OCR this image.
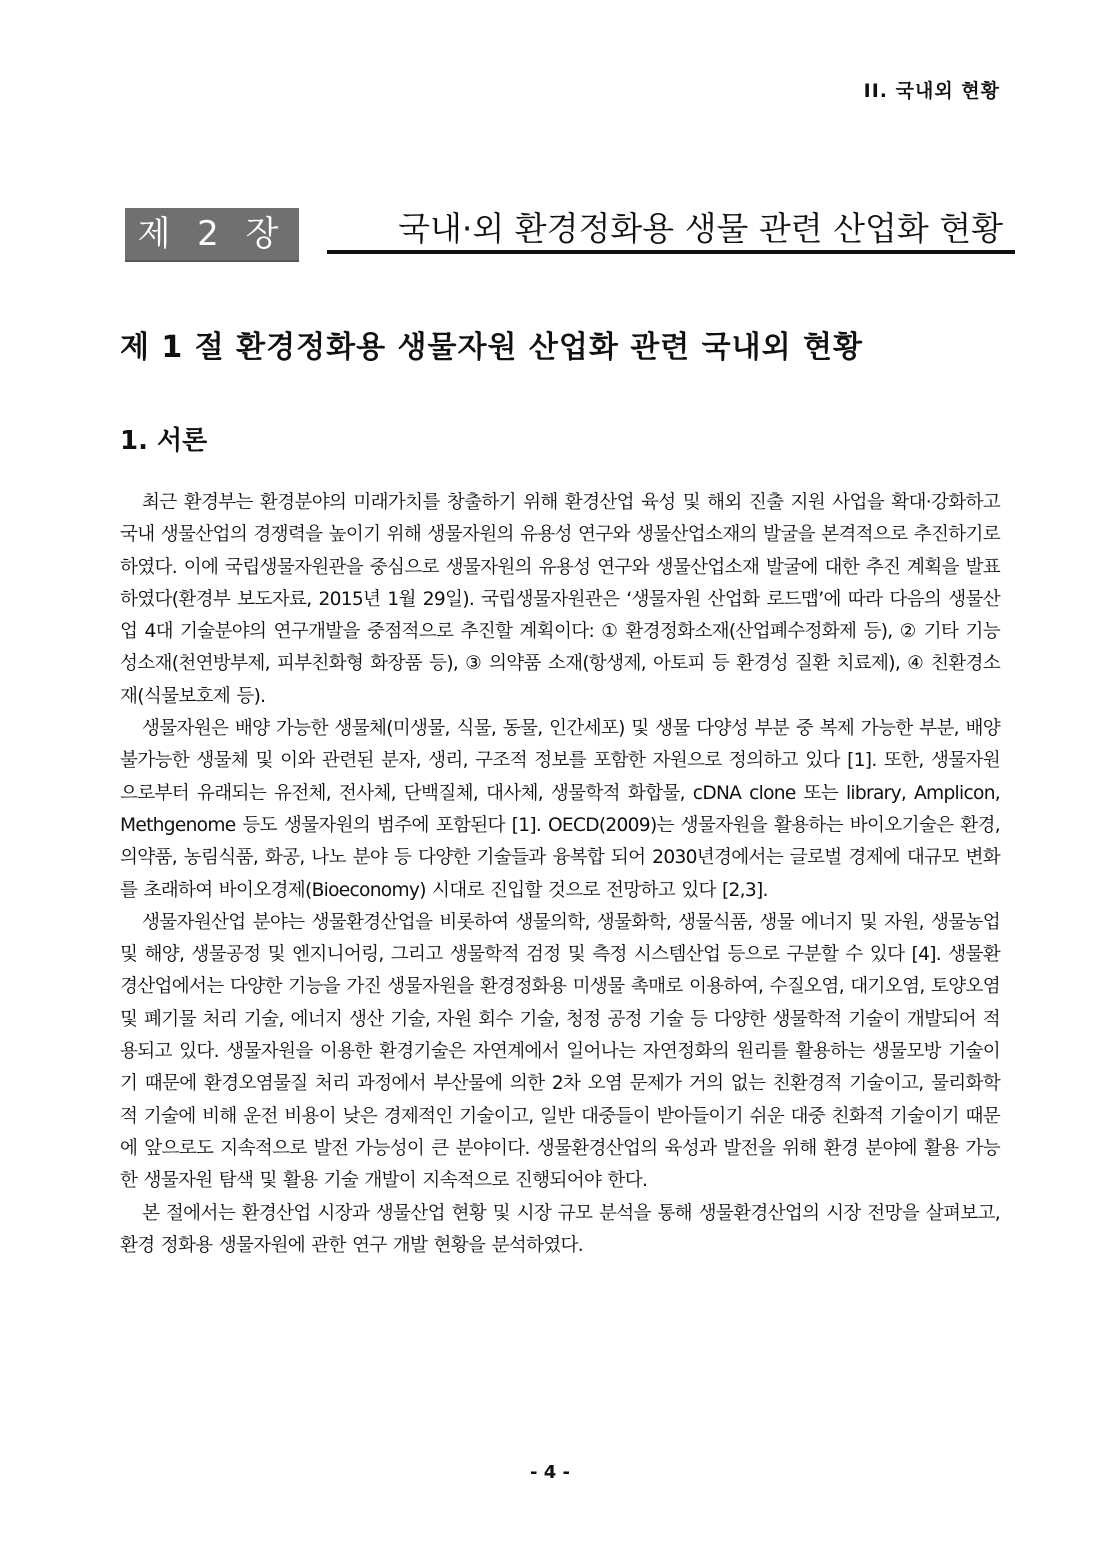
II. 국내외 현황
제 2 장	국내·외 환경정화용 생물 관련 산업화 현황
제 1 절 환경정화용 생물자원 산업화 관련 국내외 현황
1. 서론

최근 환경부는 환경분야의 미래가치를 창출하기 위해 환경산업 육성 및 해외 진출 지원 사업을 확대·강화하고 국내 생물산업의 경쟁력을 높이기 위해 생물자원의 유용성 연구와 생물산업소재의 발굴을 본격적으로 추진하기로 하였다. 이에 국립생물자원관을 중심으로 생물자원의 유용성 연구와 생물산업소재 발굴에 대한 추진 계획을 발표하였다(환경부 보도자료, 2015년 1월 29일). 국립생물자원관은 ‘생물자원 산업화 로드맵’에 따라 다음의 생물산업 4대 기술분야의 연구개발을 중점적으로 추진할 계획이다: ① 환경정화소재(산업폐수정화제 등), ② 기타 기능성소재(천연방부제, 피부친화형 화장품 등), ③ 의약품 소재(항생제, 아토피 등 환경성 질환 치료제), ④ 친환경소재(식물보호제 등).

생물자원은 배양 가능한 생물체(미생물, 식물, 동물, 인간세포) 및 생물 다양성 부분 중 복제 가능한 부분, 배양 불가능한 생물체 및 이와 관련된 분자, 생리, 구조적 정보를 포함한 자원으로 정의하고 있다 [1]. 또한, 생물자원으로부터 유래되는 유전체, 전사체, 단백질체, 대사체, 생물학적 화합물, cDNA clone 또는 library, Amplicon, Methgenome 등도 생물자원의 범주에 포함된다 [1]. OECD(2009)는 생물자원을 활용하는 바이오기술은 환경, 의약품, 농림식품, 화공, 나노 분야 등 다양한 기술들과 융복합 되어 2030년경에서는 글로벌 경제에 대규모 변화를 초래하여 바이오경제(Bioeconomy) 시대로 진입할 것으로 전망하고 있다 [2,3].

생물자원산업 분야는 생물환경산업을 비롯하여 생물의학, 생물화학, 생물식품, 생물 에너지 및 자원, 생물농업 및 해양, 생물공정 및 엔지니어링, 그리고 생물학적 검정 및 측정 시스템산업 등으로 구분할 수 있다 [4]. 생물환경산업에서는 다양한 기능을 가진 생물자원을 환경정화용 미생물 촉매로 이용하여, 수질오염, 대기오염, 토양오염 및 폐기물 처리 기술, 에너지 생산 기술, 자원 회수 기술, 청정 공정 기술 등 다양한 생물학적 기술이 개발되어 적용되고 있다. 생물자원을 이용한 환경기술은 자연계에서 일어나는 자연정화의 원리를 활용하는 생물모방 기술이기 때문에 환경오염물질 처리 과정에서 부산물에 의한 2차 오염 문제가 거의 없는 친환경적 기술이고, 물리화학적 기술에 비해 운전 비용이 낮은 경제적인 기술이고, 일반 대중들이 받아들이기 쉬운 대중 친화적 기술이기 때문에 앞으로도 지속적으로 발전 가능성이 큰 분야이다. 생물환경산업의 육성과 발전을 위해 환경 분야에 활용 가능한 생물자원 탐색 및 활용 기술 개발이 지속적으로 진행되어야 한다.

본 절에서는 환경산업 시장과 생물산업 현황 및 시장 규모 분석을 통해 생물환경산업의 시장 전망을 살펴보고, 환경 정화용 생물자원에 관한 연구 개발 현황을 분석하였다.

- 4 -
